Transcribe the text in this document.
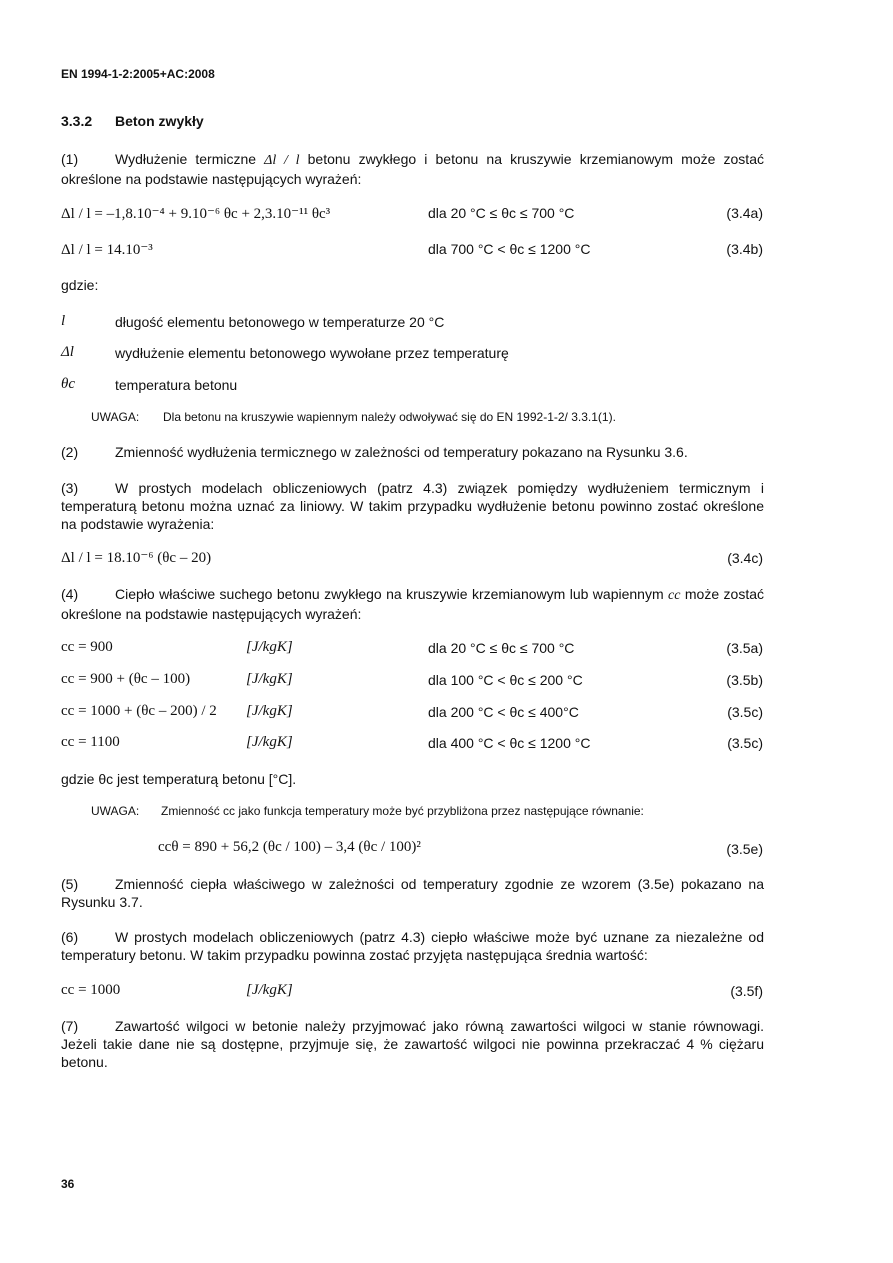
EN 1994-1-2:2005+AC:2008
3.3.2 Beton zwykły
(1)	Wydłużenie termiczne Δl / l betonu zwykłego i betonu na kruszywie krzemianowym może zostać określone na podstawie następujących wyrażeń:
Δl / l = –1,8.10⁻⁴ + 9.10⁻⁶ θc + 2,3.10⁻¹¹ θc³	dla 20 °C ≤ θc ≤ 700 °C	(3.4a)
Δl / l = 14.10⁻³	dla 700 °C < θc ≤ 1200 °C	(3.4b)
gdzie:
l	długość elementu betonowego w temperaturze 20 °C
Δl	wydłużenie elementu betonowego wywołane przez temperaturę
θc	temperatura betonu
UWAGA: Dla betonu na kruszywie wapiennym należy odwoływać się do EN 1992-1-2/ 3.3.1(1).
(2)	Zmienność wydłużenia termicznego w zależności od temperatury pokazano na Rysunku 3.6.
(3)	W prostych modelach obliczeniowych (patrz 4.3) związek pomiędzy wydłużeniem termicznym i temperaturą betonu można uznać za liniowy. W takim przypadku wydłużenie betonu powinno zostać określone na podstawie wyrażenia:
Δl / l = 18.10⁻⁶ (θc – 20)	(3.4c)
(4)	Ciepło właściwe suchego betonu zwykłego na kruszywie krzemianowym lub wapiennym cc może zostać określone na podstawie następujących wyrażeń:
cc = 900	[J/kgK]	dla 20 °C ≤ θc ≤ 700 °C	(3.5a)
cc = 900 + (θc – 100)	[J/kgK]	dla 100 °C < θc ≤ 200 °C	(3.5b)
cc = 1000 + (θc – 200) / 2 [J/kgK]	dla 200 °C < θc ≤ 400°C	(3.5c)
cc = 1100	[J/kgK]	dla 400 °C < θc ≤ 1200 °C	(3.5c)
gdzie θc jest temperaturą betonu [°C].
UWAGA: Zmienność cc jako funkcja temperatury może być przybliżona przez następujące równanie:
ccθ = 890 + 56,2 (θc / 100) – 3,4 (θc / 100)²	(3.5e)
(5)	Zmienność ciepła właściwego w zależności od temperatury zgodnie ze wzorem (3.5e) pokazano na Rysunku 3.7.
(6)	W prostych modelach obliczeniowych (patrz 4.3) ciepło właściwe może być uznane za niezależne od temperatury betonu. W takim przypadku powinna zostać przyjęta następująca średnia wartość:
cc = 1000	[J/kgK]	(3.5f)
(7)	Zawartość wilgoci w betonie należy przyjmować jako równą zawartości wilgoci w stanie równowagi. Jeżeli takie dane nie są dostępne, przyjmuje się, że zawartość wilgoci nie powinna przekraczać 4 % ciężaru betonu.
36
